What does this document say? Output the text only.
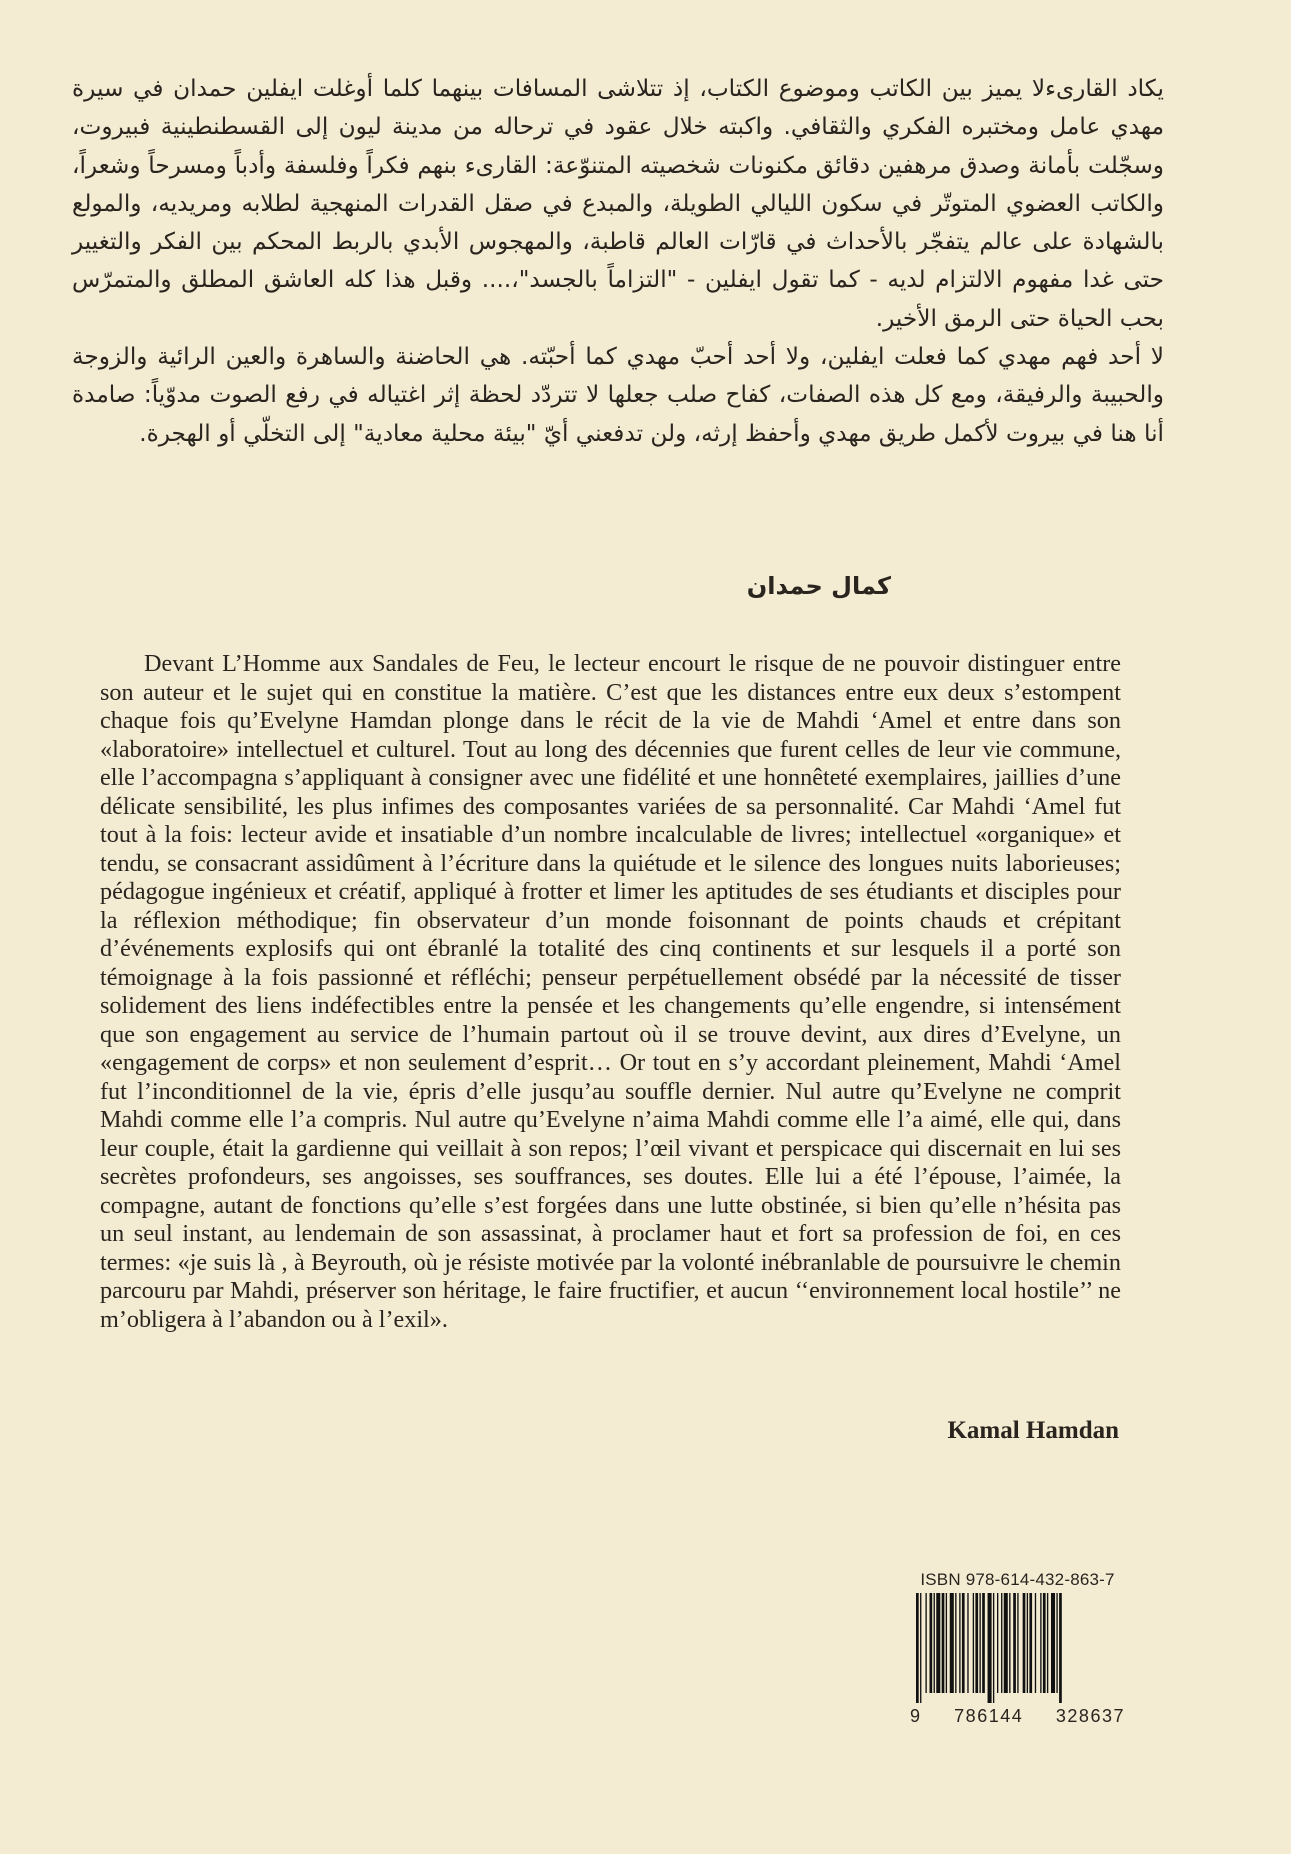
يكاد القارىءلا يميز بين الكاتب وموضوع الكتاب، إذ تتلاشى المسافات بينهما كلما أوغلت ايفلين حمدان في سيرة مهدي عامل ومختبره الفكري والثقافي. واكبته خلال عقود في ترحاله من مدينة ليون إلى القسطنطينية فبيروت، وسجّلت بأمانة وصدق مرهفين دقائق مكنونات شخصيته المتنوّعة: القارىء بنهم فكراً وفلسفة وأدباً ومسرحاً وشعراً، والكاتب العضوي المتوتّر في سكون الليالي الطويلة، والمبدع في صقل القدرات المنهجية لطلابه ومريديه، والمولع بالشهادة على عالم يتفجّر بالأحداث في قارّات العالم قاطبة، والمهجوس الأبدي بالربط المحكم بين الفكر والتغيير حتى غدا مفهوم الالتزام لديه - كما تقول ايفلين - "التزاماً بالجسد"،.... وقبل هذا كله العاشق المطلق والمتمرّس بحب الحياة حتى الرمق الأخير.

لا أحد فهم مهدي كما فعلت ايفلين، ولا أحد أحبّ مهدي كما أحبّته. هي الحاضنة والساهرة والعين الرائية والزوجة والحبيبة والرفيقة، ومع كل هذه الصفات، كفاح صلب جعلها لا تتردّد لحظة إثر اغتياله في رفع الصوت مدوّياً: صامدة أنا هنا في بيروت لأكمل طريق مهدي وأحفظ إرثه، ولن تدفعني أيّ "بيئة محلية معادية" إلى التخلّي أو الهجرة.

كمال حمدان

Devant L’Homme aux Sandales de Feu, le lecteur encourt le risque de ne pouvoir distinguer entre son auteur et le sujet qui en constitue la matière. C’est que les distances entre eux deux s’estompent chaque fois qu’Evelyne Hamdan plonge dans le récit de la vie de Mahdi ‘Amel et entre dans son «laboratoire» intellectuel et culturel. Tout au long des décennies que furent celles de leur vie commune, elle l’accompagna s’appliquant à consigner avec une fidélité et une honnêteté exemplaires, jaillies d’une délicate sensibilité, les plus infimes des composantes variées de sa personnalité. Car Mahdi ‘Amel fut tout à la fois: lecteur avide et insatiable d’un nombre incalculable de livres; intellectuel «organique» et tendu, se consacrant assidûment à l’écriture dans la quiétude et le silence des longues nuits laborieuses; pédagogue ingénieux et créatif, appliqué à frotter et limer les aptitudes de ses étudiants et disciples pour la réflexion méthodique; fin observateur d’un monde foisonnant de points chauds et crépitant d’événements explosifs qui ont ébranlé la totalité des cinq continents et sur lesquels il a porté son témoignage à la fois passionné et réfléchi; penseur perpétuellement obsédé par la nécessité de tisser solidement des liens indéfectibles entre la pensée et les changements qu’elle engendre, si intensément que son engagement au service de l’humain partout où il se trouve devint, aux dires d’Evelyne, un «engagement de corps» et non seulement d’esprit… Or tout en s’y accordant pleinement, Mahdi ‘Amel fut l’inconditionnel de la vie, épris d’elle jusqu’au souffle dernier. Nul autre qu’Evelyne ne comprit Mahdi comme elle l’a compris. Nul autre qu’Evelyne n’aima Mahdi comme elle l’a aimé, elle qui, dans leur couple, était la gardienne qui veillait à son repos; l’œil vivant et perspicace qui discernait en lui ses secrètes profondeurs, ses angoisses, ses souffrances, ses doutes. Elle lui a été l’épouse, l’aimée, la compagne, autant de fonctions qu’elle s’est forgées dans une lutte obstinée, si bien qu’elle n’hésita pas un seul instant, au lendemain de son assassinat, à proclamer haut et fort sa profession de foi, en ces termes: «je suis là , à Beyrouth, où je résiste motivée par la volonté inébranlable de poursuivre le chemin parcouru par Mahdi, préserver son héritage, le faire fructifier, et aucun ‘‘environnement local hostile’’ ne m’obligera à l’abandon ou à l’exil».

Kamal Hamdan
ISBN 978-614-432-863-7
9 786144 328637
